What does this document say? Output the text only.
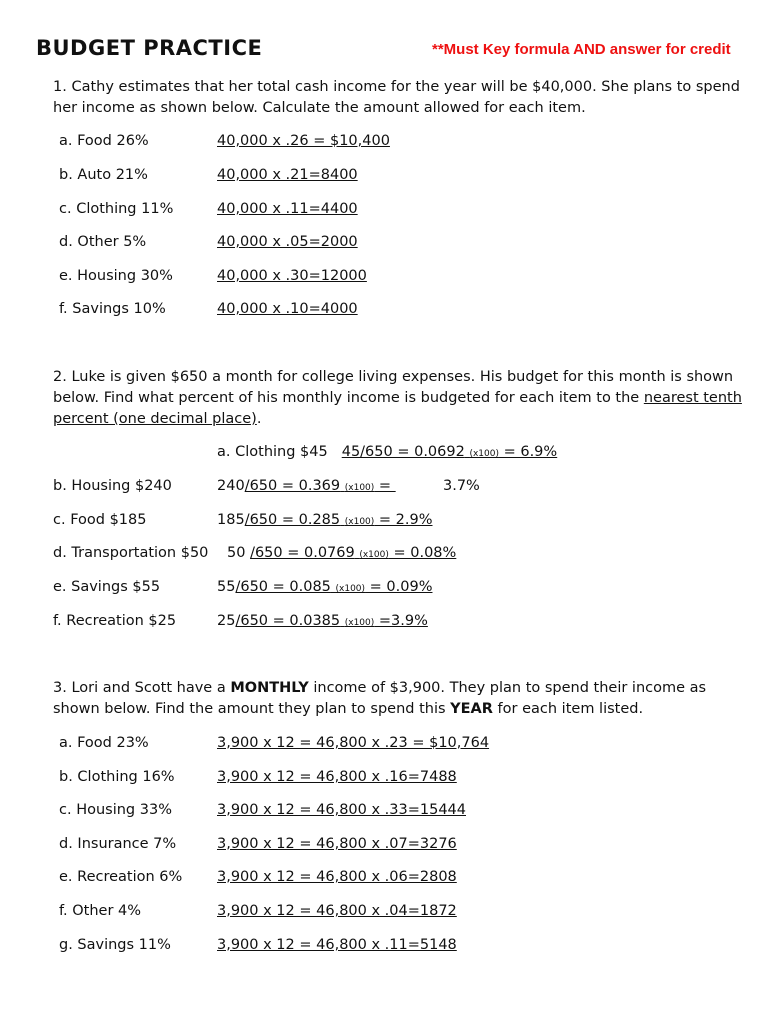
BUDGET PRACTICE	**Must Key formula AND answer for credit
1. Cathy estimates that her total cash income for the year will be $40,000. She plans to spend her income as shown below. Calculate the amount allowed for each item.
a. Food 26%	40,000 x .26 = $10,400
b. Auto 21%	40,000 x .21=8400
c. Clothing 11%	40,000 x .11=4400
d. Other 5%	40,000 x .05=2000
e. Housing 30%	40,000 x .30=12000
f. Savings 10%	40,000 x .10=4000
2. Luke is given $650 a month for college living expenses. His budget for this month is shown below. Find what percent of his monthly income is budgeted for each item to the nearest tenth percent (one decimal place).
a. Clothing $45 45/650 = 0.0692 (x100) = 6.9%
b. Housing $240	240/650 = 0.369 (x100) =	3.7%
c. Food $185	185/650 = 0.285 (x100) = 2.9%
d. Transportation $50 50 /650 = 0.0769 (x100) = 0.08%
e. Savings $55	55/650 = 0.085 (x100) = 0.09%
f. Recreation $25	25/650 = 0.0385 (x100) =3.9%
3. Lori and Scott have a MONTHLY income of $3,900. They plan to spend their income as shown below. Find the amount they plan to spend this YEAR for each item listed.
a. Food 23%	3,900 x 12 = 46,800 x .23 = $10,764
b. Clothing 16%	3,900 x 12 = 46,800 x .16=7488
c. Housing 33%	3,900 x 12 = 46,800 x .33=15444
d. Insurance 7%	3,900 x 12 = 46,800 x .07=3276
e. Recreation 6% 3,900 x 12 = 46,800 x .06=2808
f. Other 4%	3,900 x 12 = 46,800 x .04=1872
g. Savings 11%	3,900 x 12 = 46,800 x .11=5148
